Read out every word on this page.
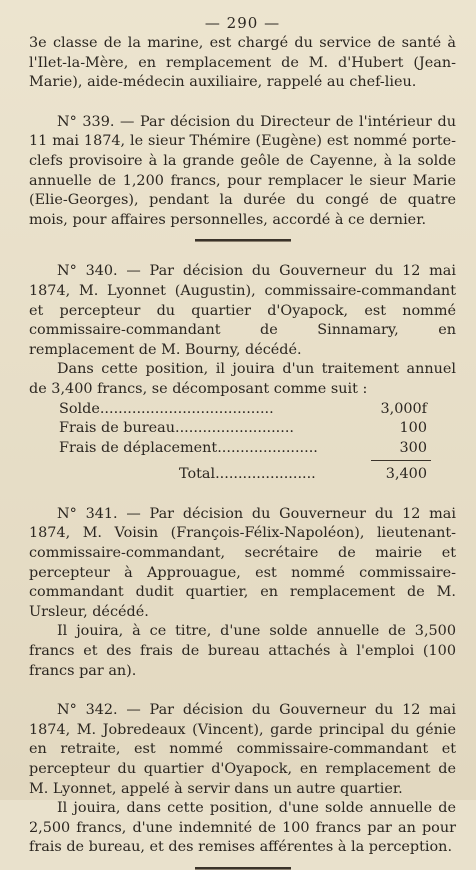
— 290 —

3e classe de la marine, est chargé du service de santé à l'Ilet-la-Mère, en remplacement de M. d'Hubert (Jean-Marie), aide-médecin auxiliaire, rappelé au chef-lieu.

N° 339. — Par décision du Directeur de l'intérieur du 11 mai 1874, le sieur Thémire (Eugène) est nommé porte-clefs provisoire à la grande geôle de Cayenne, à la solde annuelle de 1,200 francs, pour remplacer le sieur Marie (Elie-Georges), pendant la durée du congé de quatre mois, pour affaires personnelles, accordé à ce dernier.

N° 340. — Par décision du Gouverneur du 12 mai 1874, M. Lyonnet (Augustin), commissaire-commandant et percepteur du quartier d'Oyapock, est nommé commissaire-commandant de Sinnamary, en remplacement de M. Bourny, décédé.

Dans cette position, il jouira d'un traitement annuel de 3,400 francs, se décomposant comme suit :

Solde......................................	3,000f
Frais de bureau..........................	100
Frais de déplacement......................	300
Total......................	3,400

N° 341. — Par décision du Gouverneur du 12 mai 1874, M. Voisin (François-Félix-Napoléon), lieutenant-commissaire-commandant, secrétaire de mairie et percepteur à Approuague, est nommé commissaire-commandant dudit quartier, en remplacement de M. Ursleur, décédé.

Il jouira, à ce titre, d'une solde annuelle de 3,500 francs et des frais de bureau attachés à l'emploi (100 francs par an).

N° 342. — Par décision du Gouverneur du 12 mai 1874, M. Jobredeaux (Vincent), garde principal du génie en retraite, est nommé commissaire-commandant et percepteur du quartier d'Oyapock, en remplacement de M. Lyonnet, appelé à servir dans un autre quartier.

Il jouira, dans cette position, d'une solde annuelle de 2,500 francs, d'une indemnité de 100 francs par an pour frais de bureau, et des remises afférentes à la perception.
